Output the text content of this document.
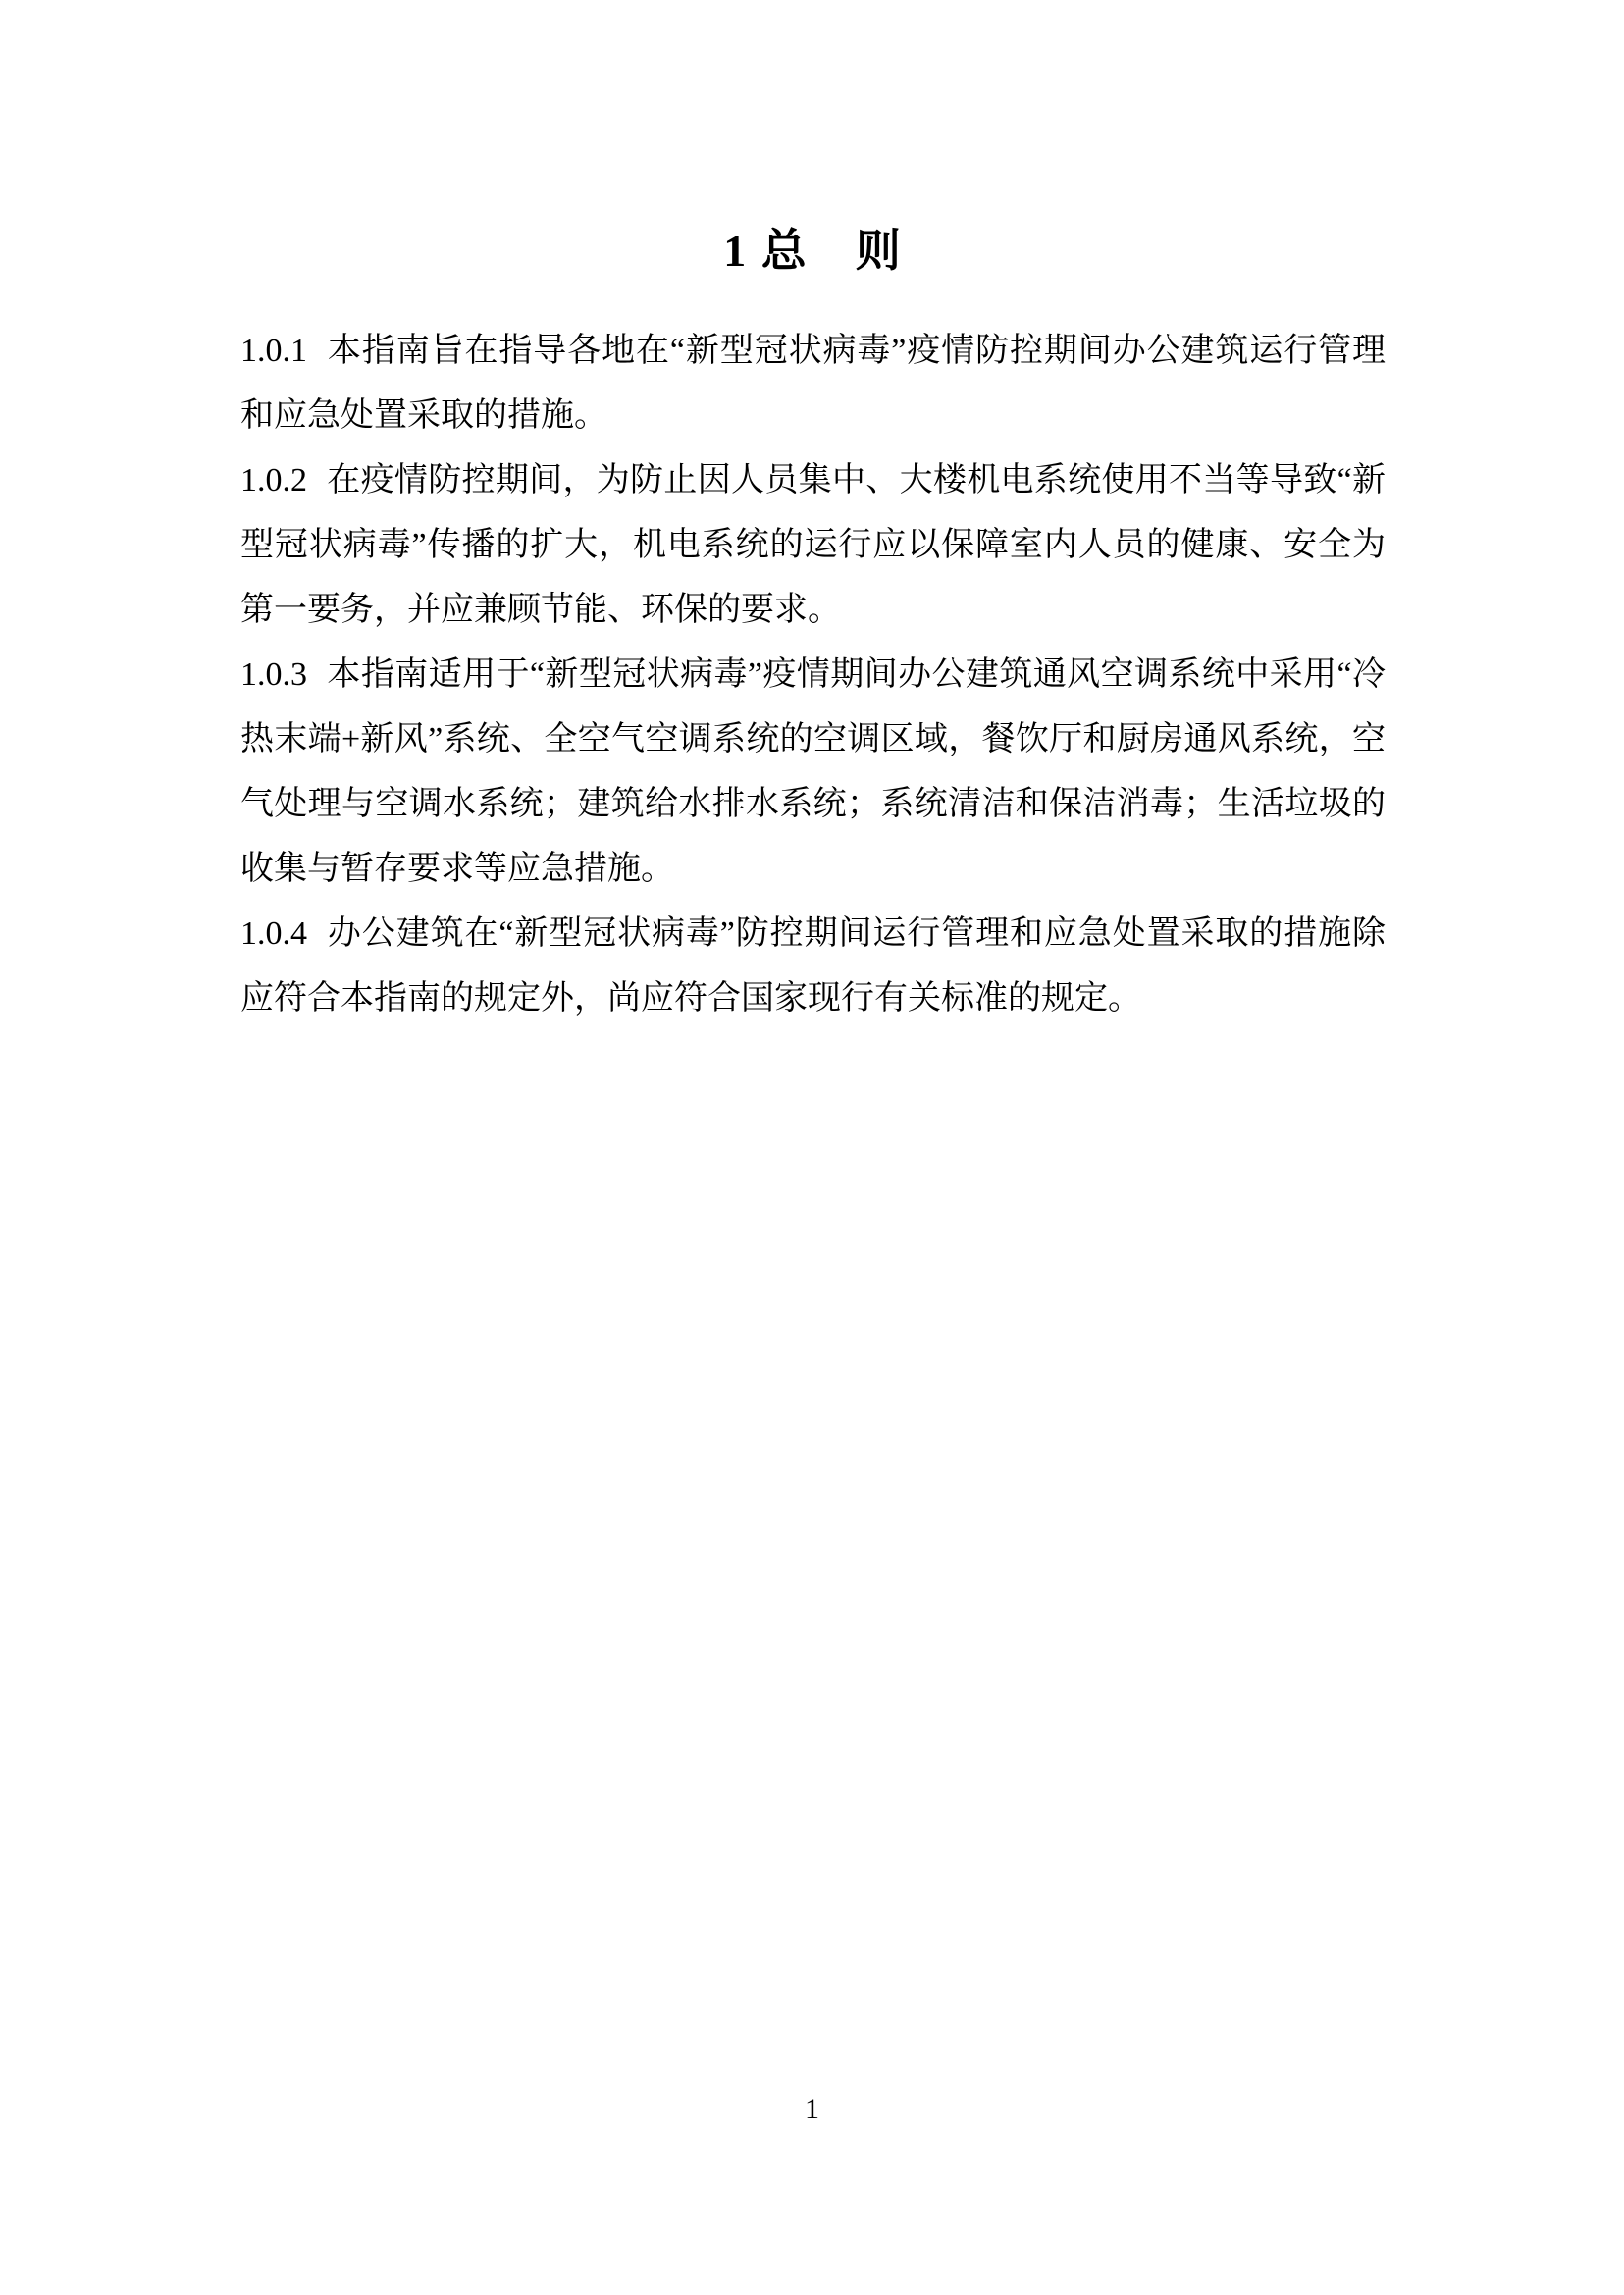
1 总　则

1.0.1 本指南旨在指导各地在“新型冠状病毒”疫情防控期间办公建筑运行管理和应急处置采取的措施。

1.0.2 在疫情防控期间，为防止因人员集中、大楼机电系统使用不当等导致“新型冠状病毒”传播的扩大，机电系统的运行应以保障室内人员的健康、安全为第一要务，并应兼顾节能、环保的要求。

1.0.3 本指南适用于“新型冠状病毒”疫情期间办公建筑通风空调系统中采用“冷热末端+新风”系统、全空气空调系统的空调区域，餐饮厅和厨房通风系统，空气处理与空调水系统；建筑给水排水系统；系统清洁和保洁消毒；生活垃圾的收集与暂存要求等应急措施。

1.0.4 办公建筑在“新型冠状病毒”防控期间运行管理和应急处置采取的措施除应符合本指南的规定外，尚应符合国家现行有关标准的规定。

1
